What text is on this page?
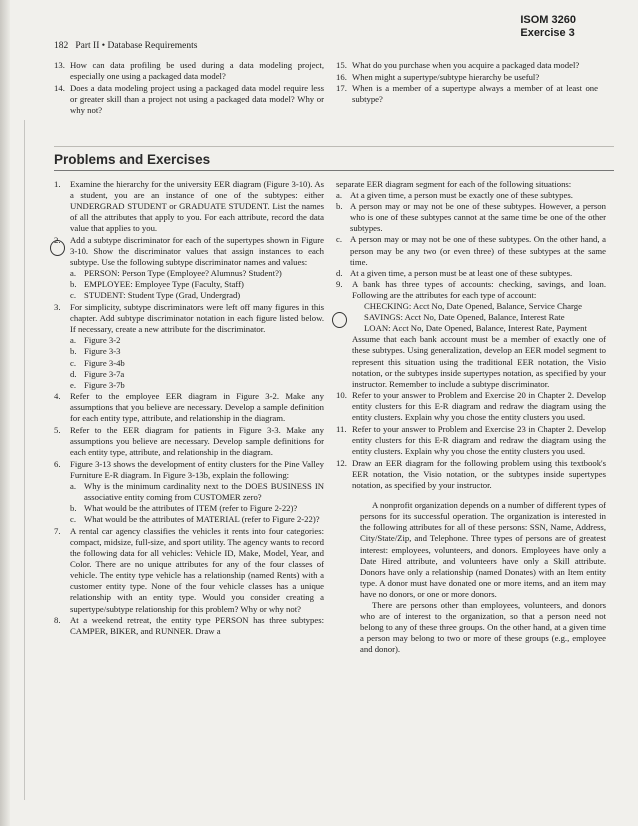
ISOM 3260
Exercise 3
182 Part II • Database Requirements
13. How can data profiling be used during a data modeling project, especially one using a packaged data model?
14. Does a data modeling project using a packaged data model require less or greater skill than a project not using a packaged data model? Why or why not?
15. What do you purchase when you acquire a packaged data model?
16. When might a supertype/subtype hierarchy be useful?
17. When is a member of a supertype always a member of at least one subtype?
Problems and Exercises
1. Examine the hierarchy for the university EER diagram (Figure 3-10). As a student, you are an instance of one of the subtypes: either UNDERGRAD STUDENT or GRADUATE STUDENT. List the names of all the attributes that apply to you. For each attribute, record the data value that applies to you.
2. Add a subtype discriminator for each of the supertypes shown in Figure 3-10. Show the discriminator values that assign instances to each subtype. Use the following subtype discriminator names and values:
a. PERSON: Person Type (Employee? Alumnus? Student?)
b. EMPLOYEE: Employee Type (Faculty, Staff)
c. STUDENT: Student Type (Grad, Undergrad)
3. For simplicity, subtype discriminators were left off many figures in this chapter. Add subtype discriminator notation in each figure listed below. If necessary, create a new attribute for the discriminator.
a. Figure 3-2
b. Figure 3-3
c. Figure 3-4b
d. Figure 3-7a
e. Figure 3-7b
4. Refer to the employee EER diagram in Figure 3-2. Make any assumptions that you believe are necessary. Develop a sample definition for each entity type, attribute, and relationship in the diagram.
5. Refer to the EER diagram for patients in Figure 3-3. Make any assumptions you believe are necessary. Develop sample definitions for each entity type, attribute, and relationship in the diagram.
6. Figure 3-13 shows the development of entity clusters for the Pine Valley Furniture E-R diagram. In Figure 3-13b, explain the following:
a. Why is the minimum cardinality next to the DOES BUSINESS IN associative entity coming from CUSTOMER zero?
b. What would be the attributes of ITEM (refer to Figure 2-22)?
c. What would be the attributes of MATERIAL (refer to Figure 2-22)?
7. A rental car agency classifies the vehicles it rents into four categories: compact, midsize, full-size, and sport utility. The agency wants to record the following data for all vehicles: Vehicle ID, Make, Model, Year, and Color. There are no unique attributes for any of the four classes of vehicle. The entity type vehicle has a relationship (named Rents) with a customer entity type. None of the four vehicle classes has a unique relationship with an entity type. Would you consider creating a supertype/subtype relationship for this problem? Why or why not?
8. At a weekend retreat, the entity type PERSON has three subtypes: CAMPER, BIKER, and RUNNER. Draw a
separate EER diagram segment for each of the following situations:
a. At a given time, a person must be exactly one of these subtypes.
b. A person may or may not be one of these subtypes. However, a person who is one of these subtypes cannot at the same time be one of the other subtypes.
c. A person may or may not be one of these subtypes. On the other hand, a person may be any two (or even three) of these subtypes at the same time.
d. At a given time, a person must be at least one of these subtypes.
9. A bank has three types of accounts: checking, savings, and loan. Following are the attributes for each type of account:
CHECKING: Acct No, Date Opened, Balance, Service Charge
SAVINGS: Acct No, Date Opened, Balance, Interest Rate
LOAN: Acct No, Date Opened, Balance, Interest Rate, Payment
Assume that each bank account must be a member of exactly one of these subtypes. Using generalization, develop an EER model segment to represent this situation using the traditional EER notation, the Visio notation, or the subtypes inside supertypes notation, as specified by your instructor. Remember to include a subtype discriminator.
10. Refer to your answer to Problem and Exercise 20 in Chapter 2. Develop entity clusters for this E-R diagram and redraw the diagram using the entity clusters. Explain why you chose the entity clusters you used.
11. Refer to your answer to Problem and Exercise 23 in Chapter 2. Develop entity clusters for this E-R diagram and redraw the diagram using the entity clusters. Explain why you chose the entity clusters you used.
12. Draw an EER diagram for the following problem using this textbook's EER notation, the Visio notation, or the subtypes inside supertypes notation, as specified by your instructor.

A nonprofit organization depends on a number of different types of persons for its successful operation. The organization is interested in the following attributes for all of these persons: SSN, Name, Address, City/State/Zip, and Telephone. Three types of persons are of greatest interest: employees, volunteers, and donors. Employees have only a Date Hired attribute, and volunteers have only a Skill attribute. Donors have only a relationship (named Donates) with an Item entity type. A donor must have donated one or more items, and an item may have no donors, or one or more donors.

There are persons other than employees, volunteers, and donors who are of interest to the organization, so that a person need not belong to any of these three groups. On the other hand, at a given time a person may belong to two or more of these groups (e.g., employee and donor).
